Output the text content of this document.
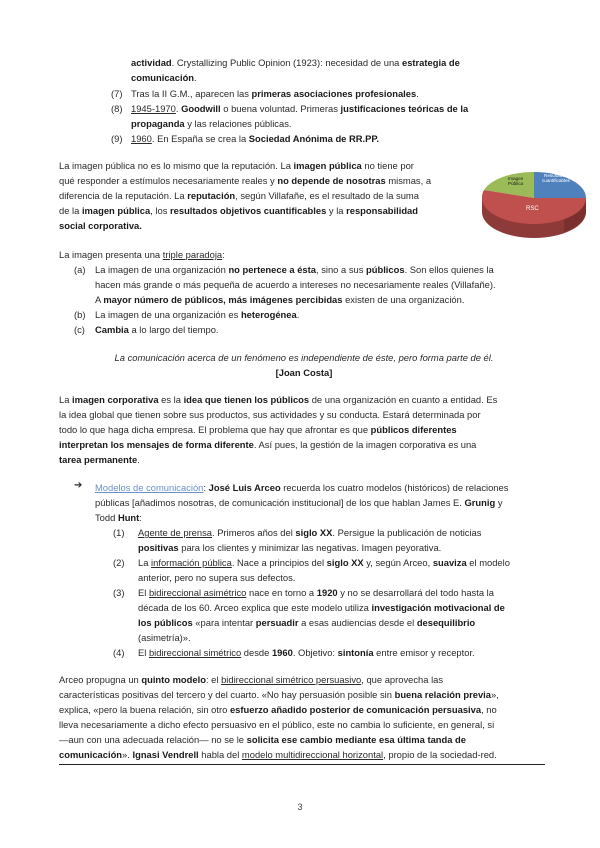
actividad. Crystallizing Public Opinion (1923): necesidad de una estrategia de

comunicación.

(7) Tras la II G.M., aparecen las primeras asociaciones profesionales.

(8) 1945-1970. Goodwill o buena voluntad. Primeras justificaciones teóricas de la

propaganda y las relaciones públicas.

(9) 1960. En España se crea la Sociedad Anónima de RR.PP.

La imagen pública no es lo mismo que la reputación. La imagen pública no tiene por

qué responder a estímulos necesariamente reales y no depende de nosotras mismas, a

diferencia de la reputación. La reputación, según Villafañe, es el resultado de la suma

de la imagen pública, los resultados objetivos cuantificables y la responsabilidad

social corporativa.

Imagen
Pública
Resultados
cuantificables
RSC

La imagen presenta una triple paradoja:

(a)	La imagen de una organización no pertenece a ésta, sino a sus públicos. Son ellos quienes la

hacen más grande o más pequeña de acuerdo a intereses no necesariamente reales (Villafañe).

A mayor número de públicos, más imágenes percibidas existen de una organización.

(b)	La imagen de una organización es heterogénea.

(c)	Cambia a lo largo del tiempo.

La comunicación acerca de un fenómeno es independiente de éste, pero forma parte de él.

[Joan Costa]

La imagen corporativa es la idea que tienen los públicos de una organización en cuanto a entidad. Es

la idea global que tienen sobre sus productos, sus actividades y su conducta. Estará determinada por

todo lo que haga dicha empresa. El problema que hay que afrontar es que públicos diferentes

interpretan los mensajes de forma diferente. Así pues, la gestión de la imagen corporativa es una

tarea permanente.

➔ Modelos de comunicación: José Luis Arceo recuerda los cuatro modelos (históricos) de relaciones

públicas [añadimos nosotras, de comunicación institucional] de los que hablan James E. Grunig y

Todd Hunt:

(1)	Agente de prensa. Primeros años del siglo XX. Persigue la publicación de noticias

positivas para los clientes y minimizar las negativas. Imagen peyorativa.

(2)	La información pública. Nace a principios del siglo XX y, según Arceo, suaviza el modelo

anterior, pero no supera sus defectos.

(3)	El bidireccional asimétrico nace en torno a 1920 y no se desarrollará del todo hasta la

década de los 60. Arceo explica que este modelo utiliza investigación motivacional de

los públicos «para intentar persuadir a esas audiencias desde el desequilibrio

(asimetría)».

(4)	El bidireccional simétrico desde 1960. Objetivo: sintonía entre emisor y receptor.

Arceo propugna un quinto modelo: el bidireccional simétrico persuasivo, que aprovecha las

características positivas del tercero y del cuarto. «No hay persuasión posible sin buena relación previa»,

explica, «pero la buena relación, sin otro esfuerzo añadido posterior de comunicación persuasiva, no

lleva necesariamente a dicho efecto persuasivo en el público, este no cambia lo suficiente, en general, si

—aun con una adecuada relación— no se le solicita ese cambio mediante esa última tanda de

comunicación». Ignasi Vendrell habla del modelo multidireccional horizontal, propio de la sociedad-red.

3
